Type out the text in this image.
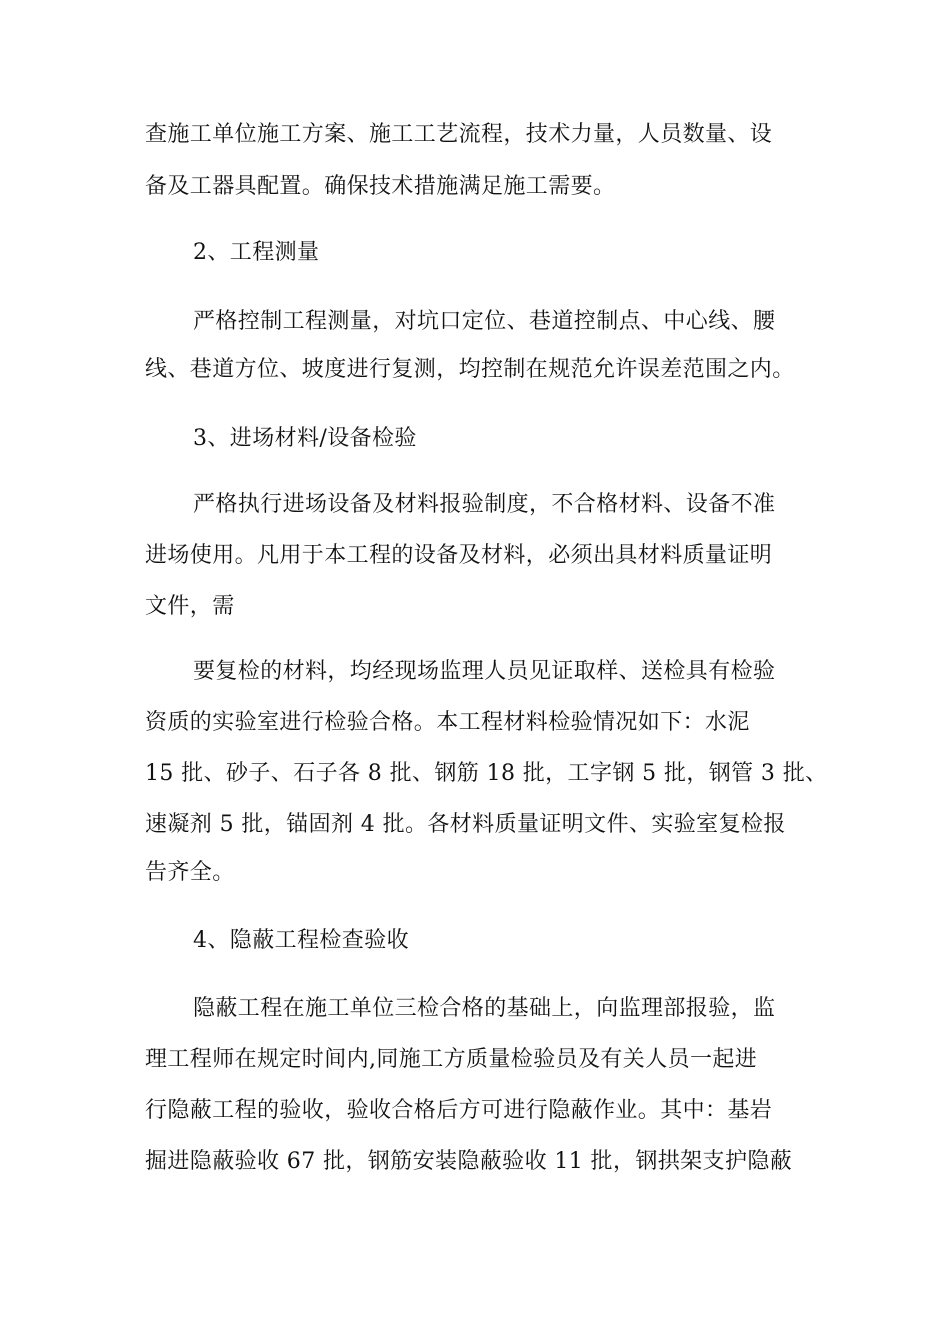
查施工单位施工方案、施工工艺流程，技术力量，人员数量、设
备及工器具配置。确保技术措施满足施工需要。
2、工程测量
严格控制工程测量，对坑口定位、巷道控制点、中心线、腰
线、巷道方位、坡度进行复测，均控制在规范允许误差范围之内。
3、进场材料/设备检验
严格执行进场设备及材料报验制度，不合格材料、设备不准
进场使用。凡用于本工程的设备及材料，必须出具材料质量证明
文件，需
要复检的材料，均经现场监理人员见证取样、送检具有检验
资质的实验室进行检验合格。本工程材料检验情况如下：水泥
15 批、砂子、石子各 8 批、钢筋 18 批，工字钢 5 批，钢管 3 批、
速凝剂 5 批，锚固剂 4 批。各材料质量证明文件、实验室复检报
告齐全。
4、隐蔽工程检查验收
隐蔽工程在施工单位三检合格的基础上，向监理部报验，监
理工程师在规定时间内,同施工方质量检验员及有关人员一起进
行隐蔽工程的验收，验收合格后方可进行隐蔽作业。其中：基岩
掘进隐蔽验收 67 批，钢筋安装隐蔽验收 11 批，钢拱架支护隐蔽
